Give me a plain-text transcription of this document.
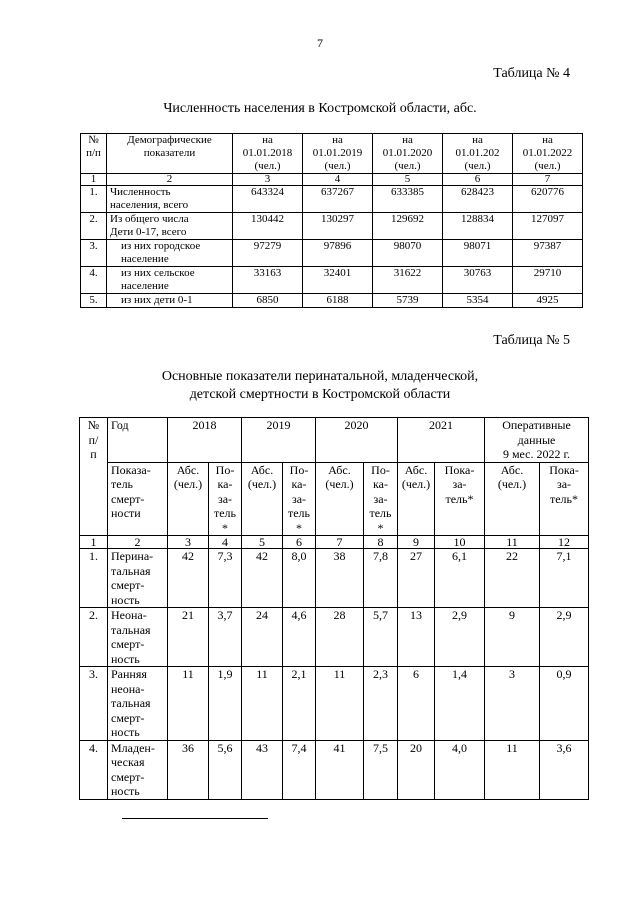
7
Таблица № 4
Численность населения в Костромской области, абс.
№
п/п	Демографические
показатели	на
01.01.2018
(чел.)	на
01.01.2019
(чел.)	на
01.01.2020
(чел.)	на
01.01.202
(чел.)	на
01.01.2022
(чел.)
1	2	3	4	5	6	7
1.	Численность
населения, всего	643324	637267	633385	628423	620776
2.	Из общего числа
Дети 0-17, всего	130442	130297	129692	128834	127097
3.	из них городское
население	97279	97896	98070	98071	97387
4.	из них сельское
население	33163	32401	31622	30763	29710
5.	из них дети 0-1	6850	6188	5739	5354	4925
Таблица № 5
Основные показатели перинатальной, младенческой,
детской смертности в Костромской области
№
п/
п	Год	2018		2019		2020		2021		Оперативные
данные
9 мес. 2022 г.	
	Показа-
тель
смерт-
ности	Абс.
(чел.)	По-
ка-
за-
тель
*	Абс.
(чел.)	По-
ка-
за-
тель
*	Абс.
(чел.)	По-
ка-
за-
тель
*	Абс.
(чел.)	Пока-
за-
тель*	Абс.
(чел.)	Пока-
за-
тель*
1	2	3	4	5	6	7	8	9	10	11	12
1.	Перина-
тальная
смерт-
ность	42	7,3	42	8,0	38	7,8	27	6,1	22	7,1
2.	Неона-
тальная
смерт-
ность	21	3,7	24	4,6	28	5,7	13	2,9	9	2,9
3.	Ранняя
неона-
тальная
смерт-
ность	11	1,9	11	2,1	11	2,3	6	1,4	3	0,9
4.	Младен-
ческая
смерт-
ность	36	5,6	43	7,4	41	7,5	20	4,0	11	3,6
